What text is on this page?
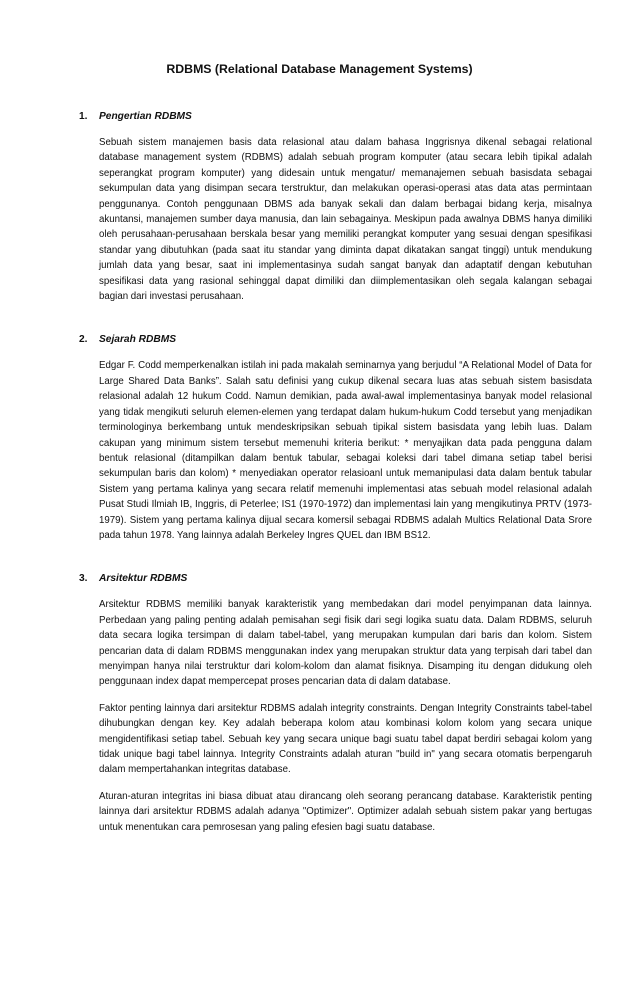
RDBMS (Relational Database Management Systems)
1.	Pengertian RDBMS

Sebuah sistem manajemen basis data relasional atau dalam bahasa Inggrisnya dikenal sebagai relational database management system (RDBMS) adalah sebuah program komputer (atau secara lebih tipikal adalah seperangkat program komputer) yang didesain untuk mengatur/ memanajemen sebuah basisdata sebagai sekumpulan data yang disimpan secara terstruktur, dan melakukan operasi-operasi atas data atas permintaan penggunanya. Contoh penggunaan DBMS ada banyak sekali dan dalam berbagai bidang kerja, misalnya akuntansi, manajemen sumber daya manusia, dan lain sebagainya. Meskipun pada awalnya DBMS hanya dimiliki oleh perusahaan-perusahaan berskala besar yang memiliki perangkat komputer yang sesuai dengan spesifikasi standar yang dibutuhkan (pada saat itu standar yang diminta dapat dikatakan sangat tinggi) untuk mendukung jumlah data yang besar, saat ini implementasinya sudah sangat banyak dan adaptatif dengan kebutuhan spesifikasi data yang rasional sehinggal dapat dimiliki dan diimplementasikan oleh segala kalangan sebagai bagian dari investasi perusahaan.

2.	Sejarah RDBMS

Edgar F. Codd memperkenalkan istilah ini pada makalah seminarnya yang berjudul “A Relational Model of Data for Large Shared Data Banks”. Salah satu definisi yang cukup dikenal secara luas atas sebuah sistem basisdata relasional adalah 12 hukum Codd. Namun demikian, pada awal-awal implementasinya banyak model relasional yang tidak mengikuti seluruh elemen-elemen yang terdapat dalam hukum-hukum Codd tersebut yang menjadikan terminologinya berkembang untuk mendeskripsikan sebuah tipikal sistem basisdata yang lebih luas. Dalam cakupan yang minimum sistem tersebut memenuhi kriteria berikut: * menyajikan data pada pengguna dalam bentuk relasional (ditampilkan dalam bentuk tabular, sebagai koleksi dari tabel dimana setiap tabel berisi sekumpulan baris dan kolom) * menyediakan operator relasioanl untuk memanipulasi data dalam bentuk tabular Sistem yang pertama kalinya yang secara relatif memenuhi implementasi atas sebuah model relasional adalah Pusat Studi Ilmiah IB, Inggris, di Peterlee; IS1 (1970-1972) dan implementasi lain yang mengikutinya PRTV (1973-1979). Sistem yang pertama kalinya dijual secara komersil sebagai RDBMS adalah Multics Relational Data Srore pada tahun 1978. Yang lainnya adalah Berkeley Ingres QUEL dan IBM BS12.

3.	Arsitektur RDBMS

Arsitektur RDBMS memiliki banyak karakteristik yang membedakan dari model penyimpanan data lainnya. Perbedaan yang paling penting adalah pemisahan segi fisik dari segi logika suatu data. Dalam RDBMS, seluruh data secara logika tersimpan di dalam tabel-tabel, yang merupakan kumpulan dari baris dan kolom. Sistem pencarian data di dalam RDBMS menggunakan index yang merupakan struktur data yang terpisah dari tabel dan menyimpan hanya nilai terstruktur dari kolom-kolom dan alamat fisiknya. Disamping itu dengan didukung oleh penggunaan index dapat mempercepat proses pencarian data di dalam database.

Faktor penting lainnya dari arsitektur RDBMS adalah integrity constraints. Dengan Integrity Constraints tabel-tabel dihubungkan dengan key. Key adalah beberapa kolom atau kombinasi kolom kolom yang secara unique mengidentifikasi setiap tabel. Sebuah key yang secara unique bagi suatu tabel dapat berdiri sebagai kolom yang tidak unique bagi tabel lainnya. Integrity Constraints adalah aturan "build in" yang secara otomatis berpengaruh dalam mempertahankan integritas database.

Aturan-aturan integritas ini biasa dibuat atau dirancang oleh seorang perancang database. Karakteristik penting lainnya dari arsitektur RDBMS adalah adanya "Optimizer". Optimizer adalah sebuah sistem pakar yang bertugas untuk menentukan cara pemrosesan yang paling efesien bagi suatu database.
